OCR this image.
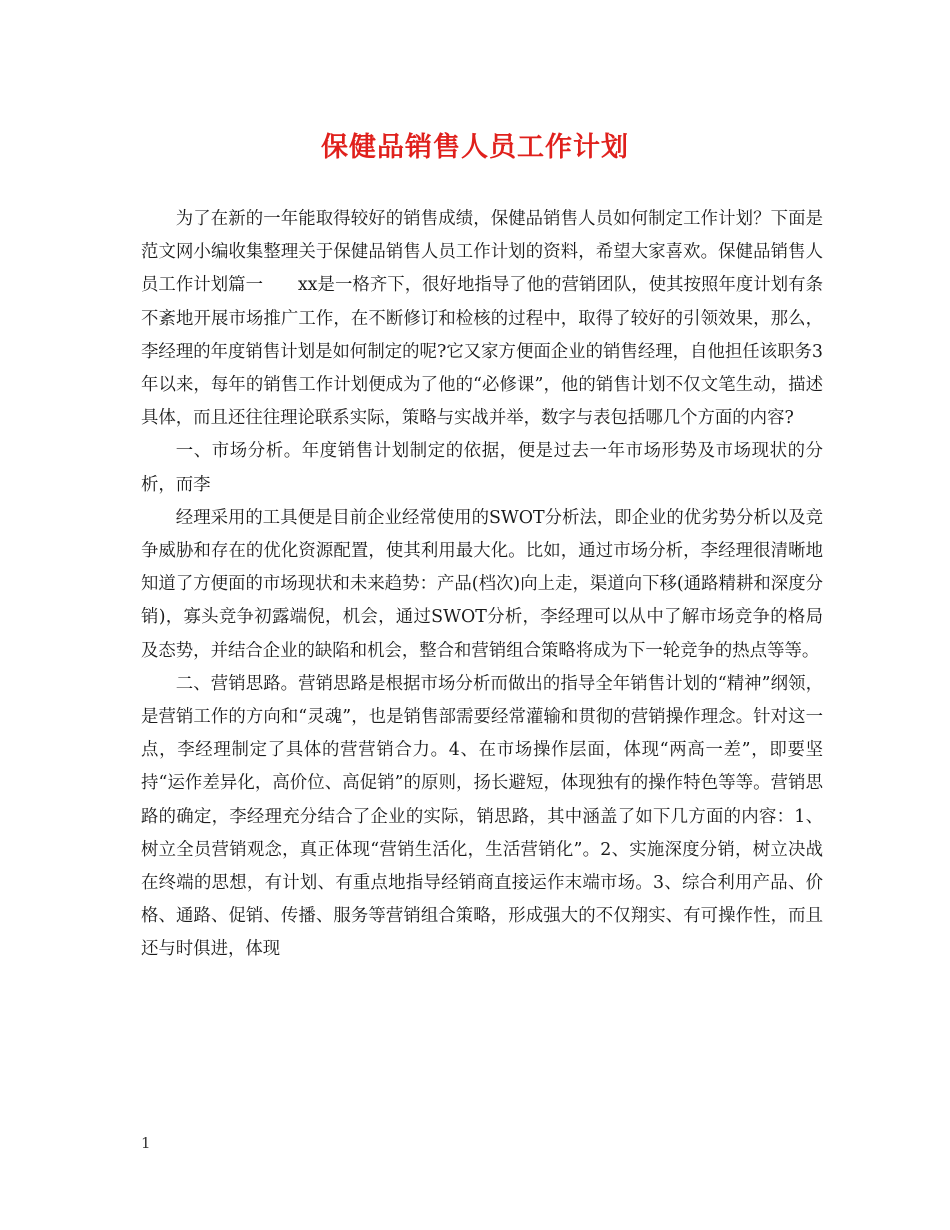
保健品销售人员工作计划

为了在新的一年能取得较好的销售成绩，保健品销售人员如何制定工作计划？下面是范文网小编收集整理关于保健品销售人员工作计划的资料，希望大家喜欢。保健品销售人员工作计划篇一　　xx是一格齐下，很好地指导了他的营销团队，使其按照年度计划有条不紊地开展市场推广工作，在不断修订和检核的过程中，取得了较好的引领效果，那么，李经理的年度销售计划是如何制定的呢?它又家方便面企业的销售经理，自他担任该职务3年以来，每年的销售工作计划便成为了他的“必修课”，他的销售计划不仅文笔生动，描述具体，而且还往往理论联系实际，策略与实战并举，数字与表包括哪几个方面的内容?

一、市场分析。年度销售计划制定的依据，便是过去一年市场形势及市场现状的分析，而李

经理采用的工具便是目前企业经常使用的SWOT分析法，即企业的优劣势分析以及竞争威胁和存在的优化资源配置，使其利用最大化。比如，通过市场分析，李经理很清晰地知道了方便面的市场现状和未来趋势：产品(档次)向上走，渠道向下移(通路精耕和深度分销)，寡头竞争初露端倪，机会，通过SWOT分析，李经理可以从中了解市场竞争的格局及态势，并结合企业的缺陷和机会，整合和营销组合策略将成为下一轮竞争的热点等等。

二、营销思路。营销思路是根据市场分析而做出的指导全年销售计划的“精神”纲领，是营销工作的方向和“灵魂”，也是销售部需要经常灌输和贯彻的营销操作理念。针对这一点，李经理制定了具体的营营销合力。4、在市场操作层面，体现“两高一差”，即要坚持“运作差异化，高价位、高促销”的原则，扬长避短，体现独有的操作特色等等。营销思路的确定，李经理充分结合了企业的实际，销思路，其中涵盖了如下几方面的内容：1、树立全员营销观念，真正体现“营销生活化，生活营销化”。2、实施深度分销，树立决战在终端的思想，有计划、有重点地指导经销商直接运作末端市场。3、综合利用产品、价格、通路、促销、传播、服务等营销组合策略，形成强大的不仅翔实、有可操作性，而且还与时俱进，体现

1
